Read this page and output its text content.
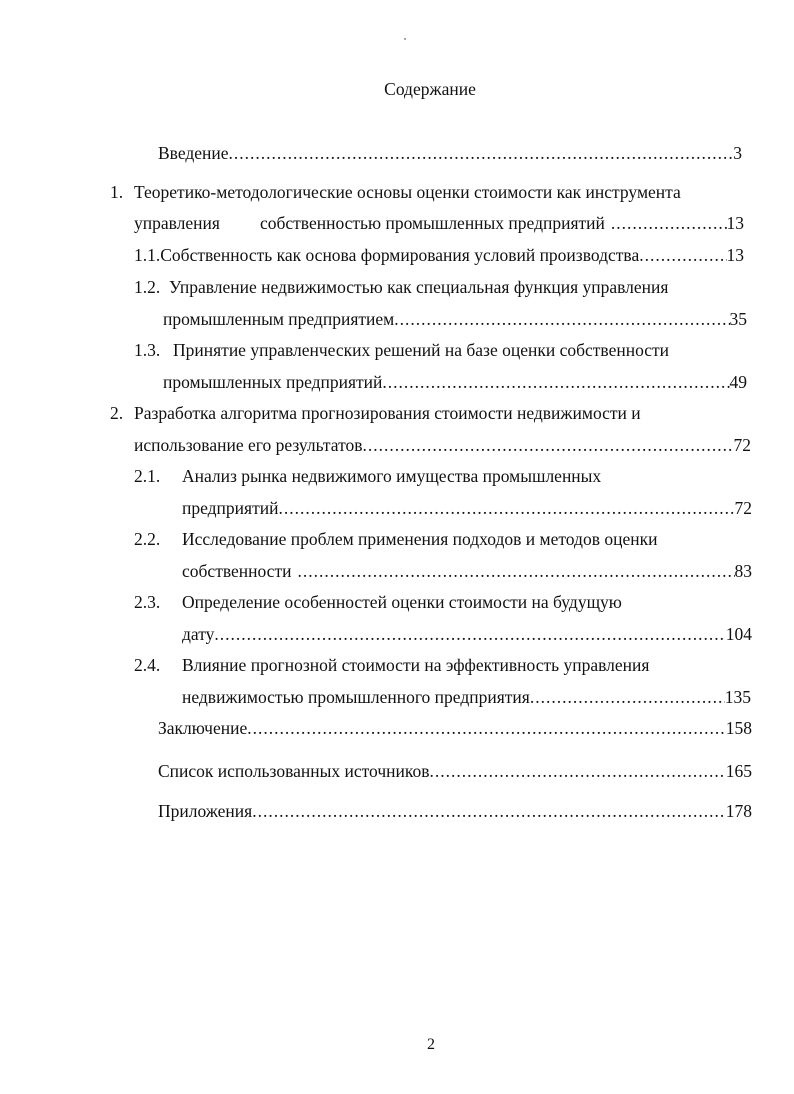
Содержание
Введение .....	3
1. Теоретико-методологические основы оценки стоимости как инструмента
управления собственностью промышленных предприятий .....	13
1.1. Собственность как основа формирования условий производства .....	13
1.2. Управление недвижимостью как специальная функция управления
промышленным предприятием .....	35
1.3. Принятие управленческих решений на базе оценки собственности
промышленных предприятий .....	49
2. Разработка алгоритма прогнозирования стоимости недвижимости и
использование его результатов .....	72
2.1. Анализ рынка недвижимого имущества промышленных
предприятий .....	72
2.2. Исследование проблем применения подходов и методов оценки
собственности .....	83
2.3. Определение особенностей оценки стоимости на будущую
дату .....	104
2.4. Влияние прогнозной стоимости на эффективность управления
недвижимостью промышленного предприятия .....	135
Заключение .....	158
Список использованных источников .....	165
Приложения .....	178
2
